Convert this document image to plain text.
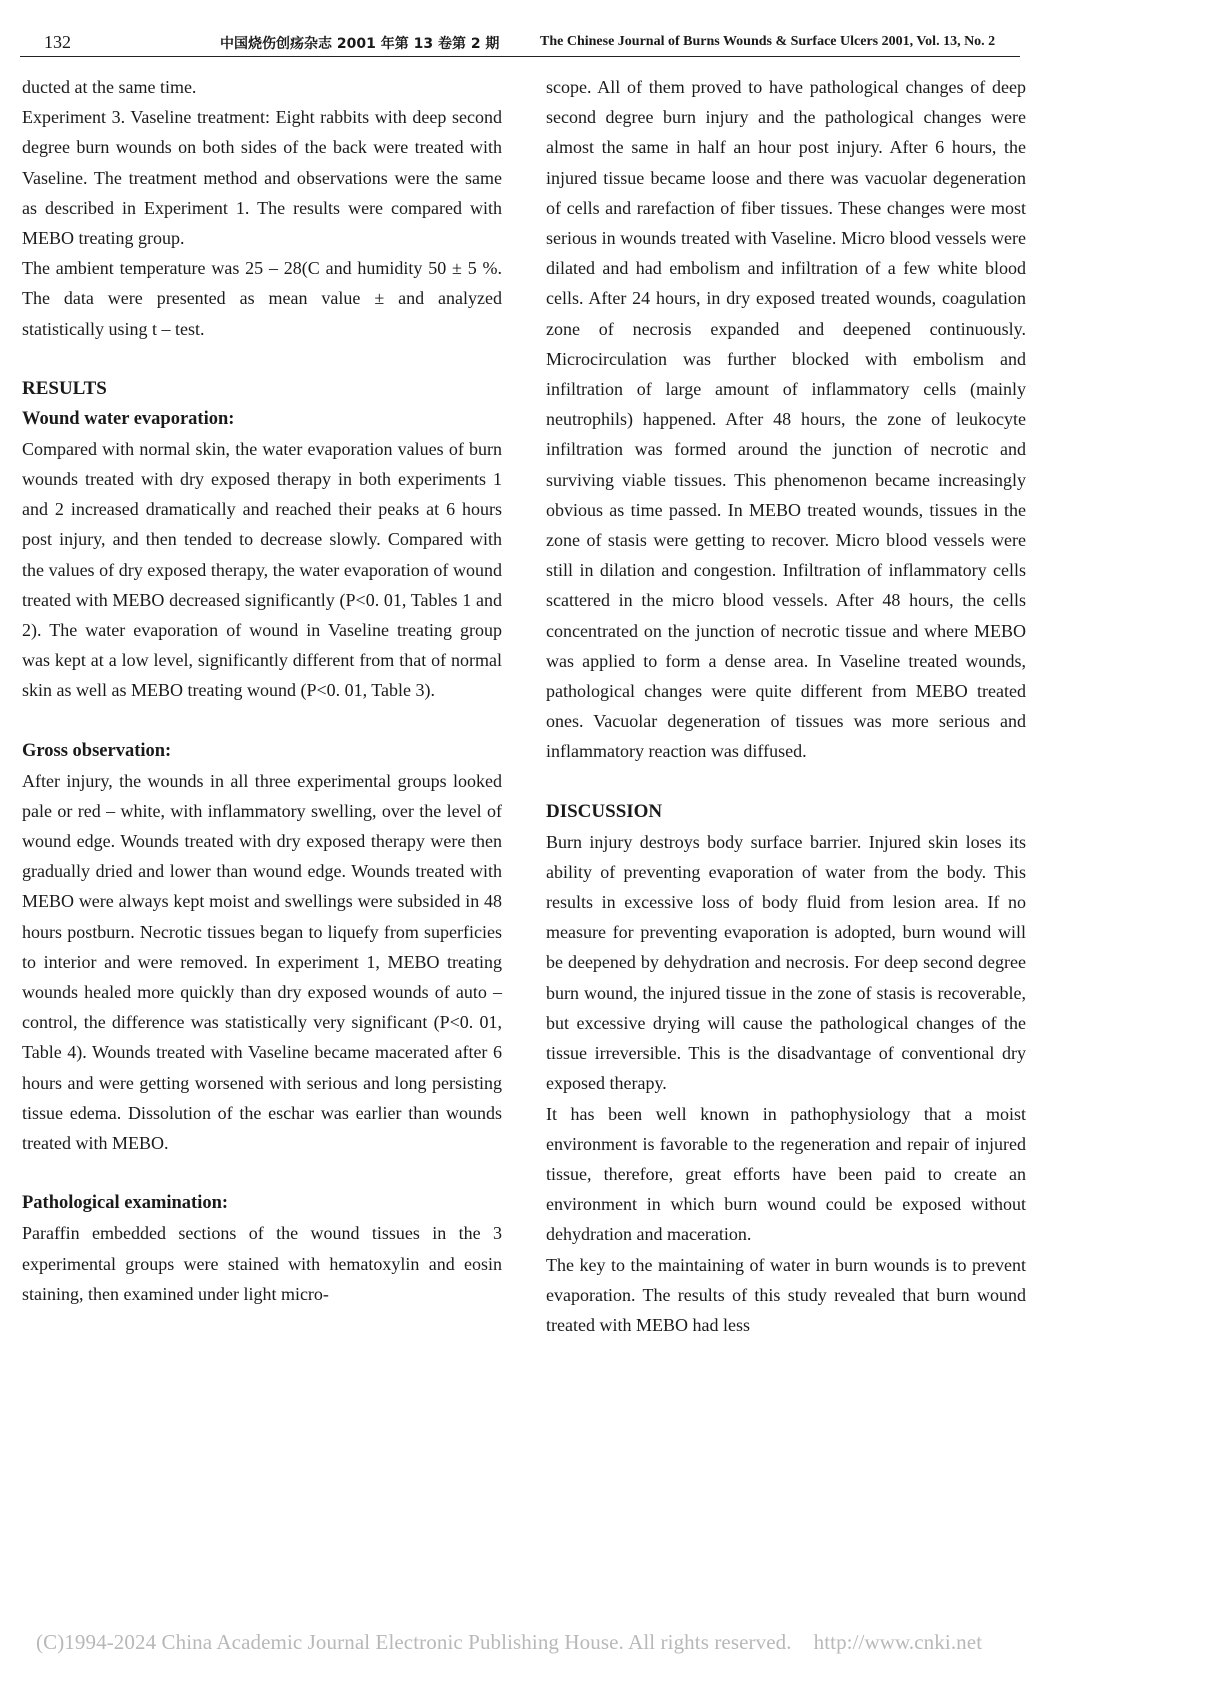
132	中国烧伤创疡杂志 2001 年第 13 卷第 2 期	The Chinese Journal of Burns Wounds & Surface Ulcers 2001, Vol. 13, No. 2

ducted at the same time.

Experiment 3. Vaseline treatment: Eight rabbits with deep second degree burn wounds on both sides of the back were treated with Vaseline. The treatment method and observations were the same as described in Experiment 1. The results were compared with MEBO treating group.

The ambient temperature was 25 – 28(C and humidity 50 ± 5 %. The data were presented as mean value ± and analyzed statistically using t – test.

RESULTS
Wound water evaporation:

Compared with normal skin, the water evaporation values of burn wounds treated with dry exposed therapy in both experiments 1 and 2 increased dramatically and reached their peaks at 6 hours post injury, and then tended to decrease slowly. Compared with the values of dry exposed therapy, the water evaporation of wound treated with MEBO decreased significantly (P<0. 01, Tables 1 and 2). The water evaporation of wound in Vaseline treating group was kept at a low level, significantly different from that of normal skin as well as MEBO treating wound (P<0. 01, Table 3).

Gross observation:

After injury, the wounds in all three experimental groups looked pale or red – white, with inflammatory swelling, over the level of wound edge. Wounds treated with dry exposed therapy were then gradually dried and lower than wound edge. Wounds treated with MEBO were always kept moist and swellings were subsided in 48 hours postburn. Necrotic tissues began to liquefy from superficies to interior and were removed. In experiment 1, MEBO treating wounds healed more quickly than dry exposed wounds of auto – control, the difference was statistically very significant (P<0. 01, Table 4). Wounds treated with Vaseline became macerated after 6 hours and were getting worsened with serious and long persisting tissue edema. Dissolution of the eschar was earlier than wounds treated with MEBO.

Pathological examination:

Paraffin embedded sections of the wound tissues in the 3 experimental groups were stained with hematoxylin and eosin staining, then examined under light micro-

scope. All of them proved to have pathological changes of deep second degree burn injury and the pathological changes were almost the same in half an hour post injury. After 6 hours, the injured tissue became loose and there was vacuolar degeneration of cells and rarefaction of fiber tissues. These changes were most serious in wounds treated with Vaseline. Micro blood vessels were dilated and had embolism and infiltration of a few white blood cells. After 24 hours, in dry exposed treated wounds, coagulation zone of necrosis expanded and deepened continuously. Microcirculation was further blocked with embolism and infiltration of large amount of inflammatory cells (mainly neutrophils) happened. After 48 hours, the zone of leukocyte infiltration was formed around the junction of necrotic and surviving viable tissues. This phenomenon became increasingly obvious as time passed. In MEBO treated wounds, tissues in the zone of stasis were getting to recover. Micro blood vessels were still in dilation and congestion. Infiltration of inflammatory cells scattered in the micro blood vessels. After 48 hours, the cells concentrated on the junction of necrotic tissue and where MEBO was applied to form a dense area. In Vaseline treated wounds, pathological changes were quite different from MEBO treated ones. Vacuolar degeneration of tissues was more serious and inflammatory reaction was diffused.

DISCUSSION

Burn injury destroys body surface barrier. Injured skin loses its ability of preventing evaporation of water from the body. This results in excessive loss of body fluid from lesion area. If no measure for preventing evaporation is adopted, burn wound will be deepened by dehydration and necrosis. For deep second degree burn wound, the injured tissue in the zone of stasis is recoverable, but excessive drying will cause the pathological changes of the tissue irreversible. This is the disadvantage of conventional dry exposed therapy.

It has been well known in pathophysiology that a moist environment is favorable to the regeneration and repair of injured tissue, therefore, great efforts have been paid to create an environment in which burn wound could be exposed without dehydration and maceration.

The key to the maintaining of water in burn wounds is to prevent evaporation. The results of this study revealed that burn wound treated with MEBO had less

(C)1994-2024 China Academic Journal Electronic Publishing House. All rights reserved. http://www.cnki.net
